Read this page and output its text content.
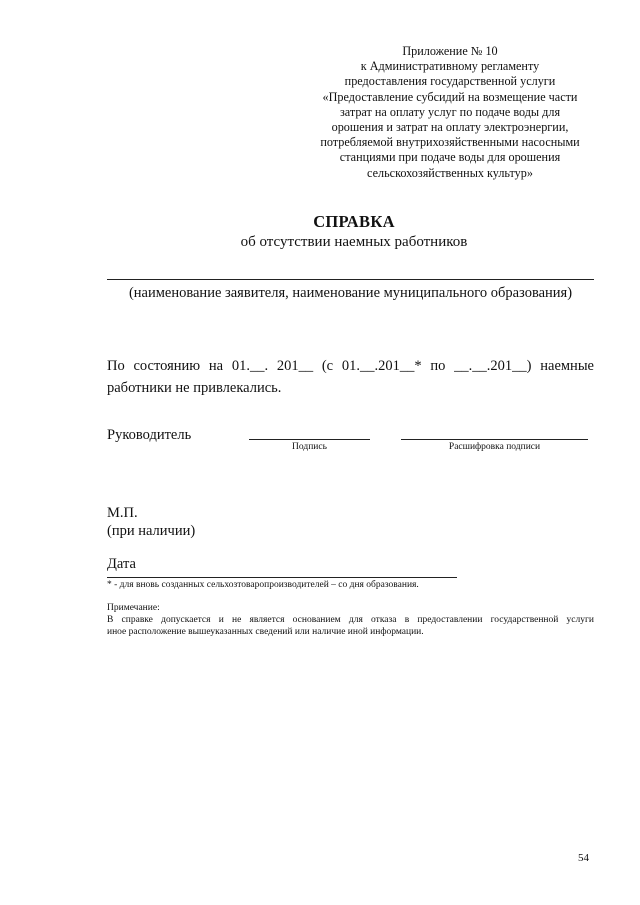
Приложение № 10
к Административному регламенту
предоставления государственной услуги
«Предоставление субсидий на возмещение части
затрат на оплату услуг по подаче воды для
орошения и затрат на оплату электроэнергии,
потребляемой внутрихозяйственными насосными
станциями при подаче воды для орошения
сельскохозяйственных культур»
СПРАВКА
об отсутствии наемных работников
(наименование заявителя, наименование муниципального образования)
По состоянию на 01.__. 201__ (с 01.__.201__* по __.__.201__) наемные
работники не привлекались.
Руководитель
Подпись	Расшифровка подписи
М.П.
(при наличии)
Дата
* - для вновь созданных сельхозтоваропроизводителей – со дня образования.
Примечание:
В справке допускается и не является основанием для отказа в предоставлении государственной услуги
иное расположение вышеуказанных сведений или наличие иной информации.
54
